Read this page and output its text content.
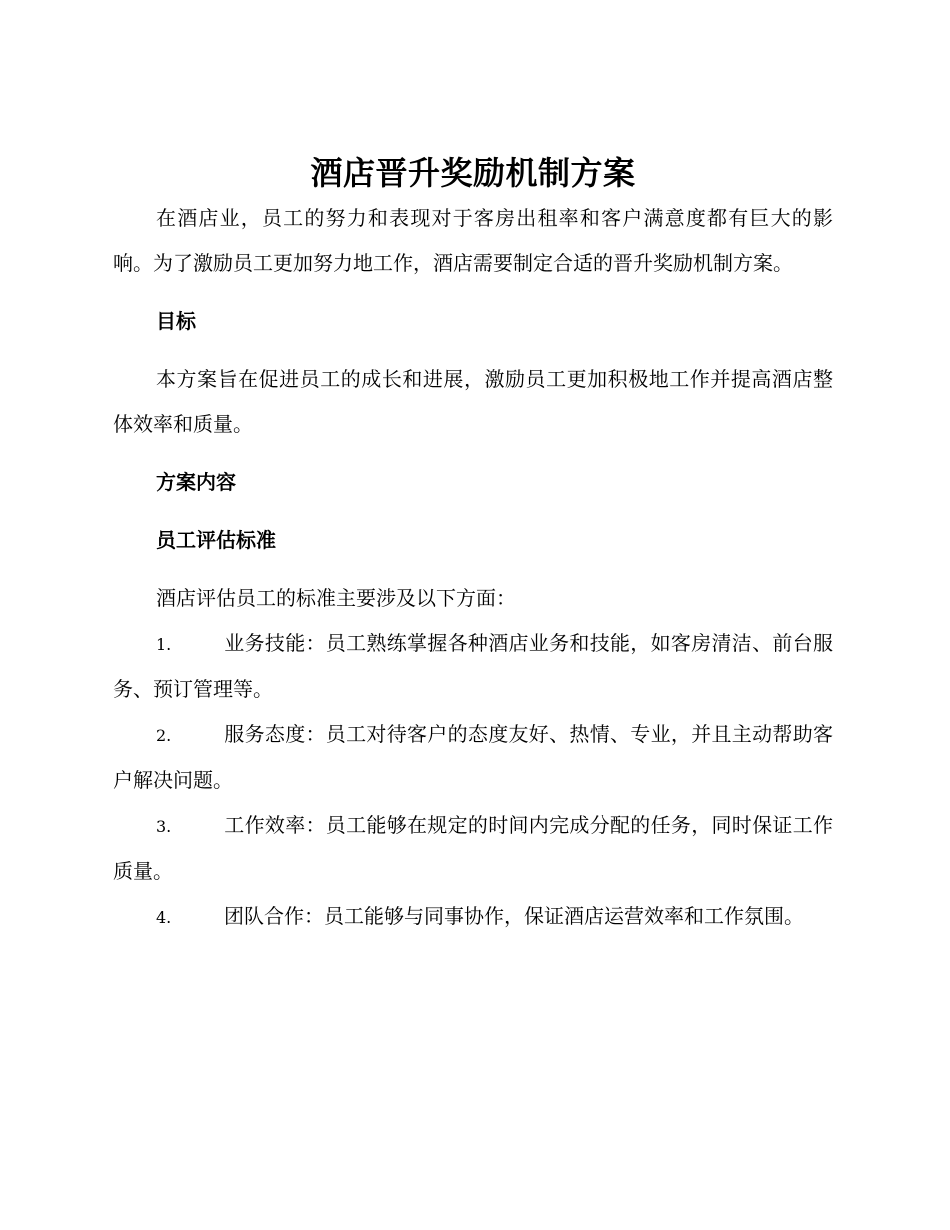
酒店晋升奖励机制方案

在酒店业，员工的努力和表现对于客房出租率和客户满意度都有巨大的影响。为了激励员工更加努力地工作，酒店需要制定合适的晋升奖励机制方案。

目标

本方案旨在促进员工的成长和进展，激励员工更加积极地工作并提高酒店整体效率和质量。

方案内容

员工评估标准

酒店评估员工的标准主要涉及以下方面：

1.	业务技能：员工熟练掌握各种酒店业务和技能，如客房清洁、前台服务、预订管理等。

2.	服务态度：员工对待客户的态度友好、热情、专业，并且主动帮助客户解决问题。

3.	工作效率：员工能够在规定的时间内完成分配的任务，同时保证工作质量。

4.	团队合作：员工能够与同事协作，保证酒店运营效率和工作氛围。
